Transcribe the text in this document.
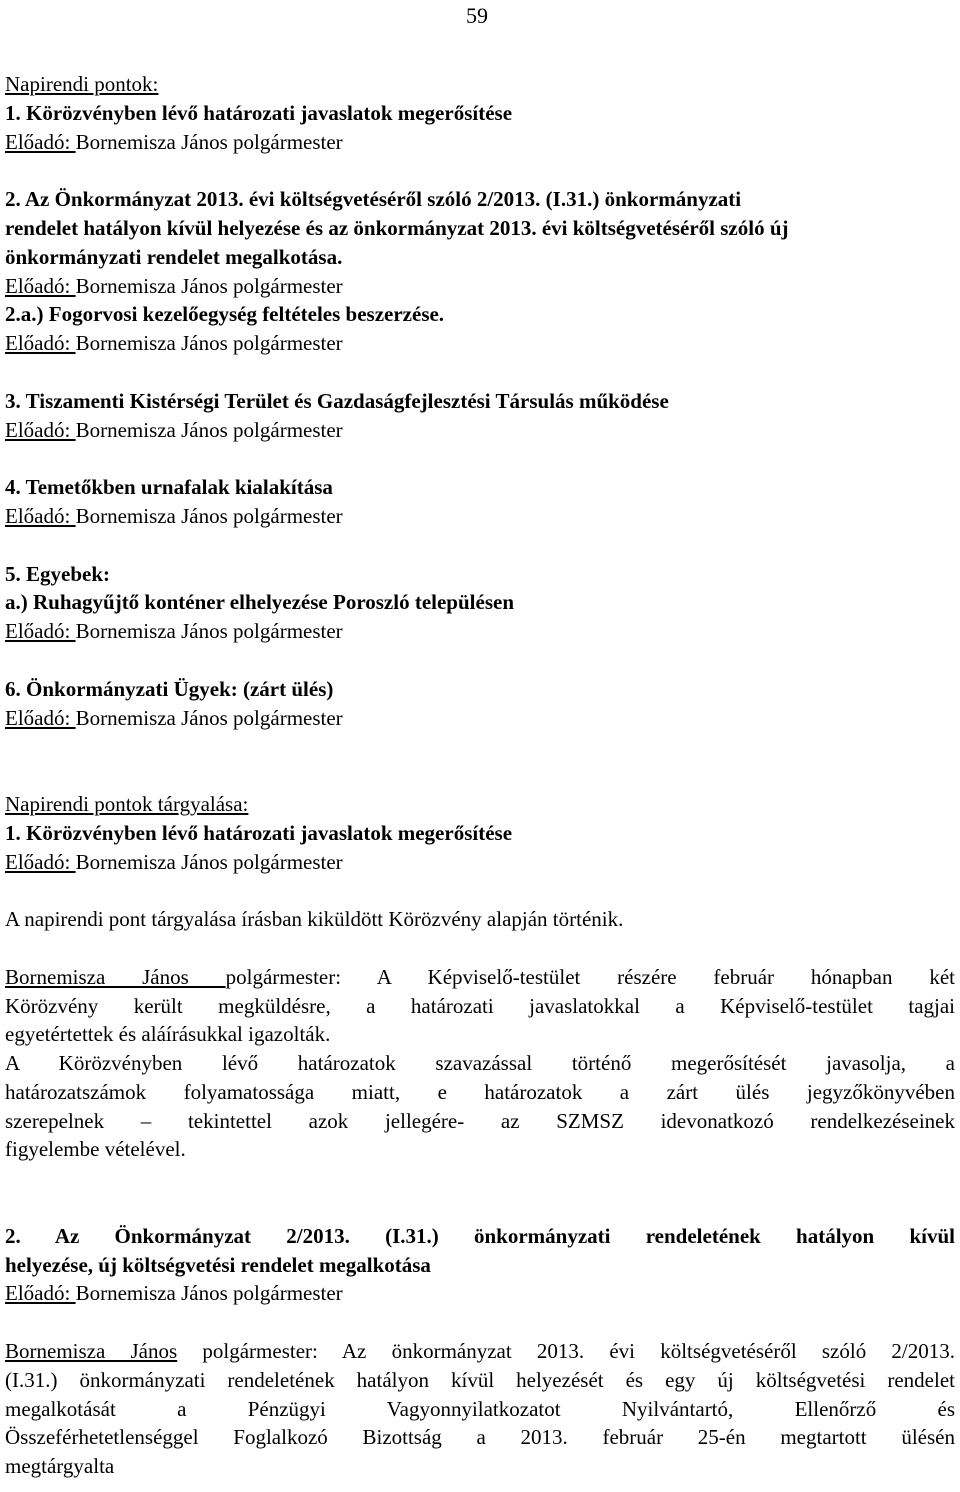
59
Napirendi pontok:
1. Körözvényben lévő határozati javaslatok megerősítése
Előadó: Bornemisza János polgármester
2. Az Önkormányzat 2013. évi költségvetéséről szóló 2/2013. (I.31.) önkormányzati
rendelet hatályon kívül helyezése és az önkormányzat 2013. évi költségvetéséről szóló új
önkormányzati rendelet megalkotása.
Előadó: Bornemisza János polgármester
2.a.) Fogorvosi kezelőegység feltételes beszerzése.
Előadó: Bornemisza János polgármester
3. Tiszamenti Kistérségi Terület és Gazdaságfejlesztési Társulás működése
Előadó: Bornemisza János polgármester
4. Temetőkben urnafalak kialakítása
Előadó: Bornemisza János polgármester
5. Egyebek:
a.) Ruhagyűjtő konténer elhelyezése Poroszló településen
Előadó: Bornemisza János polgármester
6. Önkormányzati Ügyek: (zárt ülés)
Előadó: Bornemisza János polgármester
Napirendi pontok tárgyalása:
1. Körözvényben lévő határozati javaslatok megerősítése
Előadó: Bornemisza János polgármester
A napirendi pont tárgyalása írásban kiküldött Körözvény alapján történik.
Bornemisza János polgármester: A Képviselő-testület részére február hónapban két
Körözvény került megküldésre, a határozati javaslatokkal a Képviselő-testület tagjai
egyetértettek és aláírásukkal igazolták.
A Körözvényben lévő határozatok szavazással történő megerősítését javasolja, a
határozatszámok folyamatossága miatt, e határozatok a zárt ülés jegyzőkönyvében
szerepelnek – tekintettel azok jellegére- az SZMSZ idevonatkozó rendelkezéseinek
figyelembe vételével.
2. Az Önkormányzat 2/2013. (I.31.) önkormányzati rendeletének hatályon kívül
helyezése, új költségvetési rendelet megalkotása
Előadó: Bornemisza János polgármester
Bornemisza János polgármester: Az önkormányzat 2013. évi költségvetéséről szóló 2/2013.
(I.31.) önkormányzati rendeletének hatályon kívül helyezését és egy új költségvetési rendelet
megalkotását a Pénzügyi Vagyonnyilatkozatot Nyilvántartó, Ellenőrző és
Összeférhetetlenséggel Foglalkozó Bizottság a 2013. február 25-én megtartott ülésén
megtárgyalta
